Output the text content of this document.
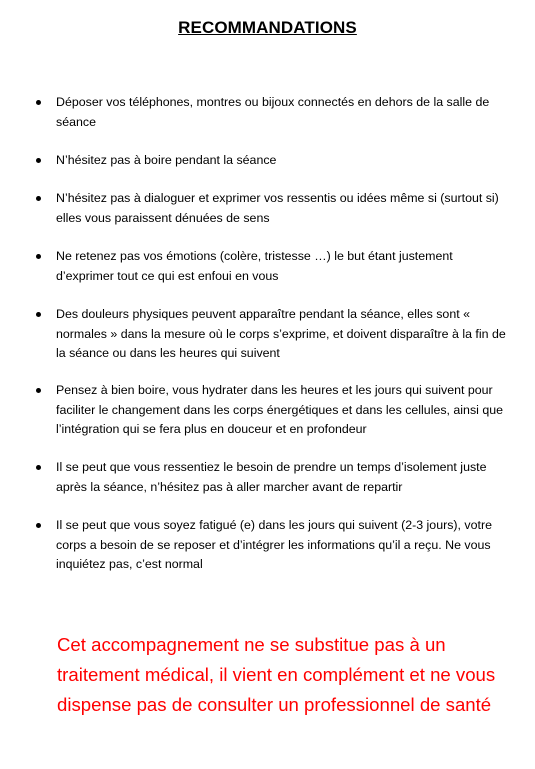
RECOMMANDATIONS
Déposer vos téléphones, montres ou bijoux connectés en dehors de la salle de séance
N’hésitez pas à boire pendant la séance
N’hésitez pas à dialoguer et exprimer vos ressentis ou idées même si (surtout si) elles vous paraissent dénuées de sens
Ne retenez pas vos émotions (colère, tristesse …) le but étant justement d’exprimer tout ce qui est enfoui en vous
Des douleurs physiques peuvent apparaître pendant la séance, elles sont « normales » dans la mesure où le corps s’exprime, et doivent disparaître à la fin de la séance ou dans les heures qui suivent
Pensez à bien boire, vous hydrater dans les heures et les jours qui suivent pour faciliter le changement dans les corps énergétiques et dans les cellules, ainsi que l’intégration qui se fera plus en douceur et en profondeur
Il se peut que vous ressentiez le besoin de prendre un temps d’isolement juste après la séance, n’hésitez pas à aller marcher avant de repartir
Il se peut que vous soyez fatigué (e) dans les jours qui suivent (2-3 jours), votre corps a besoin de se reposer et d’intégrer les informations qu’il a reçu. Ne vous inquiétez pas, c’est normal
Cet accompagnement ne se substitue pas à un traitement médical, il vient en complément et ne vous dispense pas de consulter un professionnel de santé
